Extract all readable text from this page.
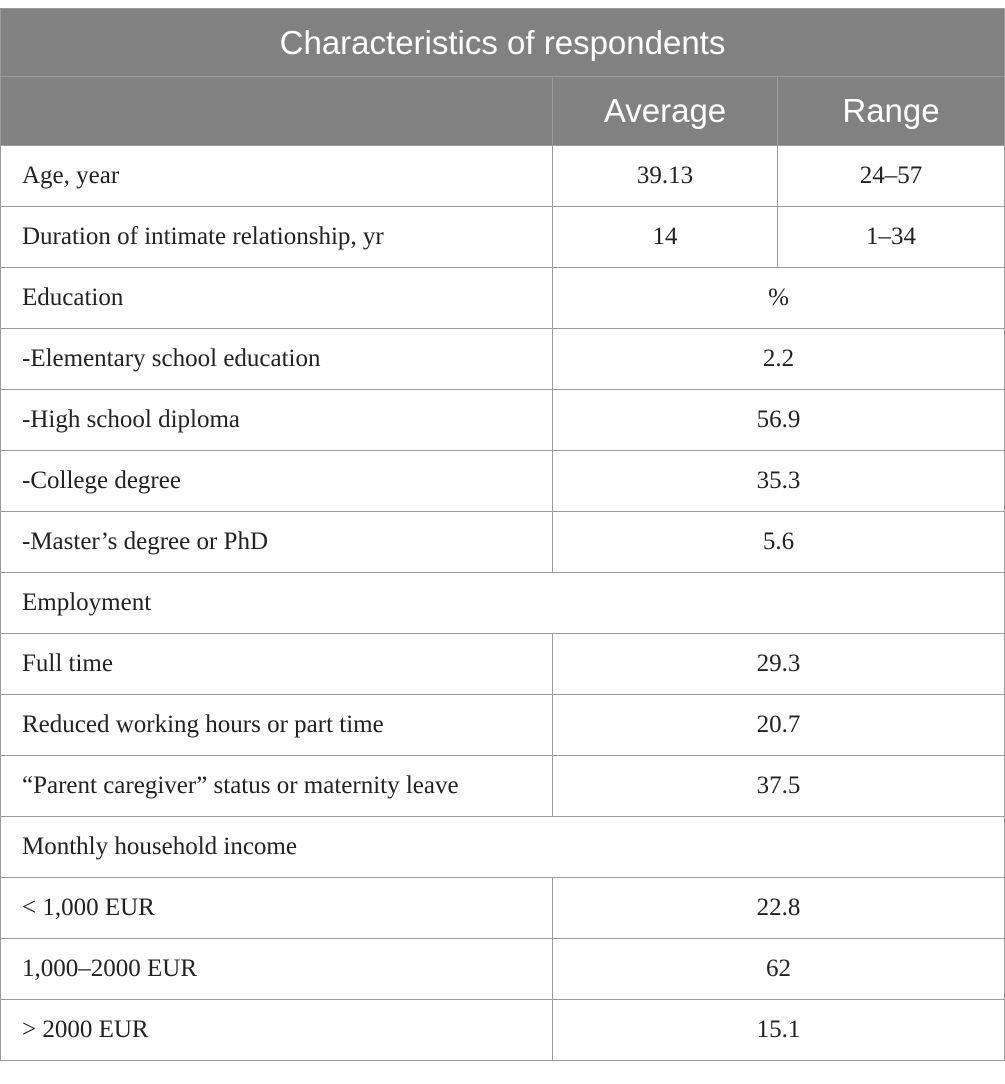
Characteristics of respondents		
	Average	Range
Age, year	39.13	24–57
Duration of intimate relationship, yr	14	1–34
Education	%	
-Elementary school education	2.2	
-High school diploma	56.9	
-College degree	35.3	
-Master’s degree or PhD	5.6	
Employment		
Full time	29.3	
Reduced working hours or part time	20.7	
“Parent caregiver” status or maternity leave	37.5	
Monthly household income		
< 1,000 EUR	22.8	
1,000–2000 EUR	62	
> 2000 EUR	15.1	
